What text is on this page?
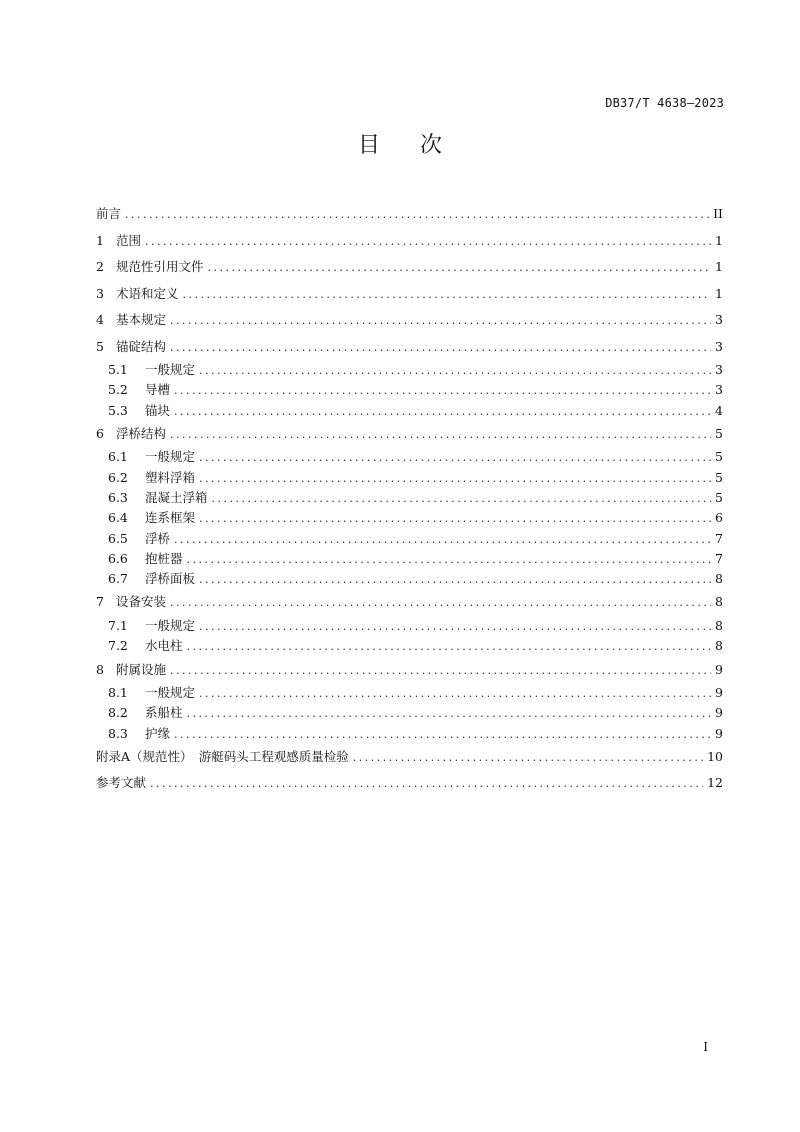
DB37/T 4638—2023
目次
前言 . . .	II
1 范围 . . .	1
2 规范性引用文件 . . .	1
3 术语和定义 . . .	1
4 基本规定 . . .	3
5 锚碇结构 . . .	3
5.1 一般规定 . . .	3
5.2 导槽 . . .	3
5.3 锚块 . . .	4
6 浮桥结构 . . .	5
6.1 一般规定 . . .	5
6.2 塑料浮箱 . . .	5
6.3 混凝土浮箱 . . .	5
6.4 连系框架 . . .	6
6.5 浮桥 . . .	7
6.6 抱桩器 . . .	7
6.7 浮桥面板 . . .	8
7 设备安装 . . .	8
7.1 一般规定 . . .	8
7.2 水电柱 . . .	8
8 附属设施 . . .	9
8.1 一般规定 . . .	9
8.2 系船柱 . . .	9
8.3 护缘 . . .	9
附录A（规范性）　游艇码头工程观感质量检验 . . .	10
参考文献 . . .	12
I
